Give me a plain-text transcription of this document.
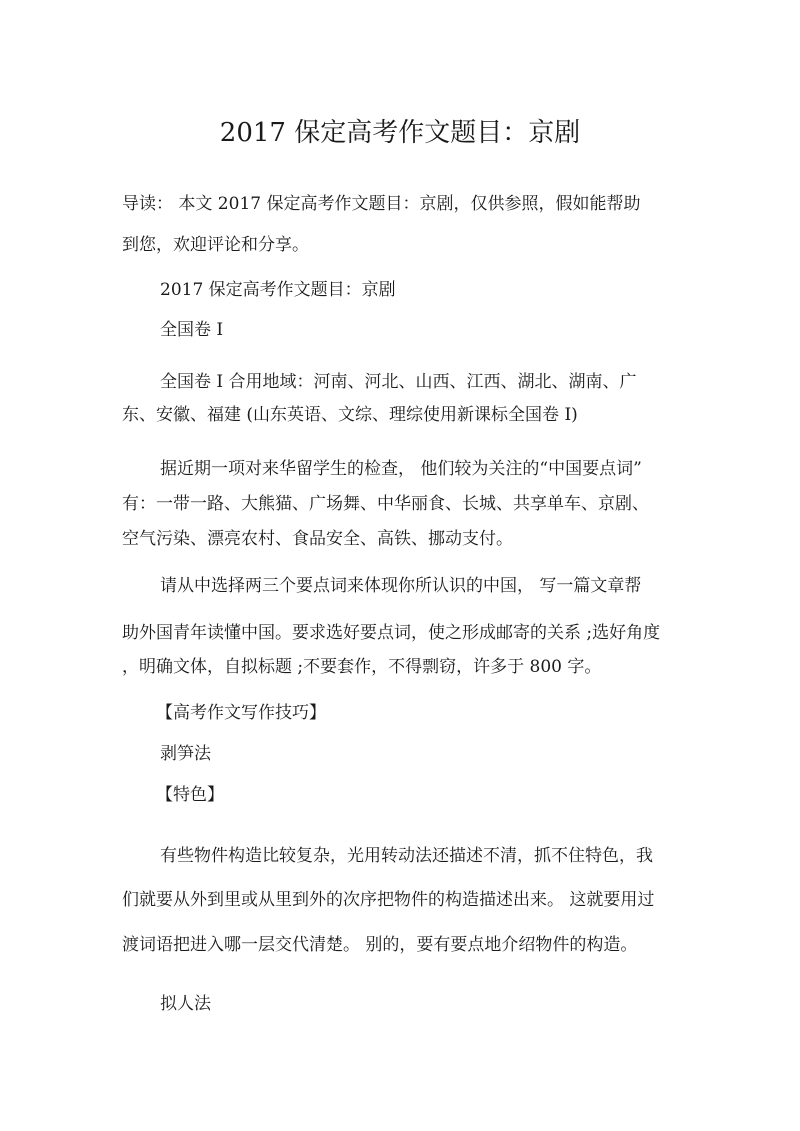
2017 保定高考作文题目：京剧
导读： 本文 2017 保定高考作文题目：京剧，仅供参照，假如能帮助
到您，欢迎评论和分享。
2017 保定高考作文题目：京剧
全国卷 I
全国卷 I 合用地域：河南、河北、山西、江西、湖北、湖南、广
东、安徽、福建 (山东英语、文综、理综使用新课标全国卷 I)
据近期一项对来华留学生的检查， 他们较为关注的“中国要点词”
有：一带一路、大熊猫、广场舞、中华丽食、长城、共享单车、京剧、
空气污染、漂亮农村、食品安全、高铁、挪动支付。
请从中选择两三个要点词来体现你所认识的中国， 写一篇文章帮
助外国青年读懂中国。要求选好要点词，使之形成邮寄的关系 ;选好角度
，明确文体，自拟标题 ;不要套作，不得剽窃，许多于 800 字。
【高考作文写作技巧】
剥笋法
【特色】
有些物件构造比较复杂，光用转动法还描述不清，抓不住特色，我
们就要从外到里或从里到外的次序把物件的构造描述出来。 这就要用过
渡词语把进入哪一层交代清楚。 别的，要有要点地介绍物件的构造。
拟人法
